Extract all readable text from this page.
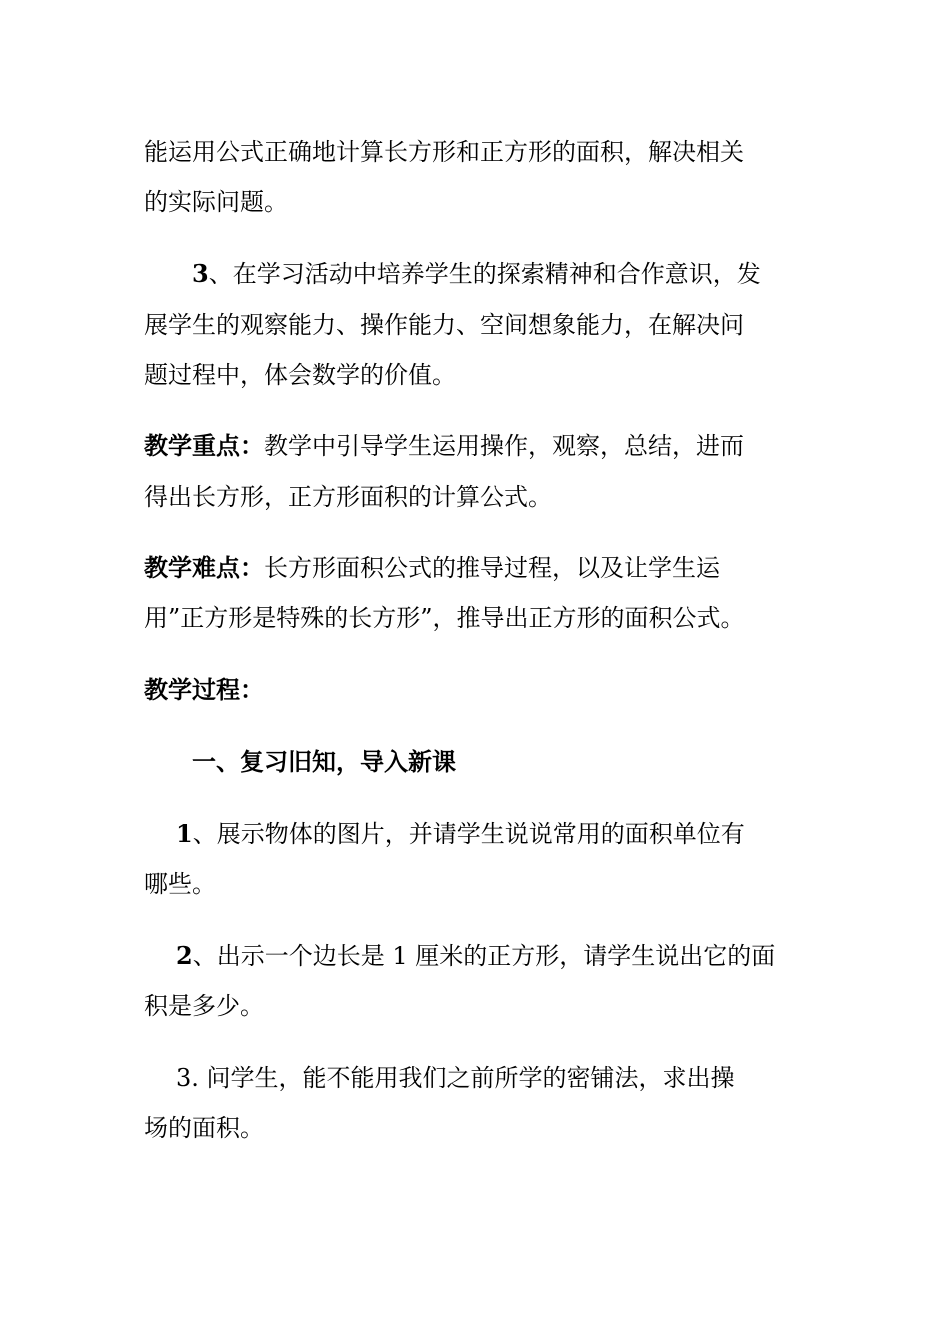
能运用公式正确地计算长方形和正方形的面积，解决相关
的实际问题。
3、在学习活动中培养学生的探索精神和合作意识，发
展学生的观察能力、操作能力、空间想象能力，在解决问
题过程中，体会数学的价值。
教学重点：教学中引导学生运用操作，观察，总结，进而
得出长方形，正方形面积的计算公式。
教学难点：长方形面积公式的推导过程，以及让学生运
用”正方形是特殊的长方形”，推导出正方形的面积公式。
教学过程：
一、复习旧知，导入新课
1、展示物体的图片，并请学生说说常用的面积单位有
哪些。
2、出示一个边长是 1 厘米的正方形，请学生说出它的面
积是多少。
3. 问学生，能不能用我们之前所学的密铺法，求出操
场的面积。
